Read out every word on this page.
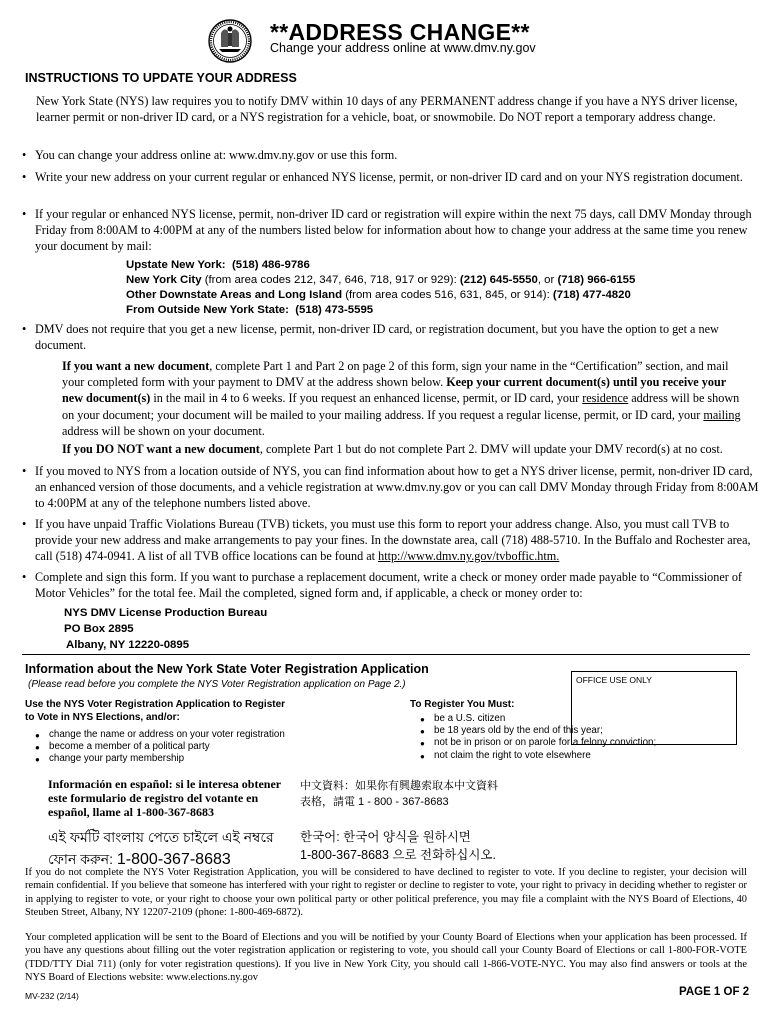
**ADDRESS CHANGE**
Change your address online at www.dmv.ny.gov
INSTRUCTIONS TO UPDATE YOUR ADDRESS
New York State (NYS) law requires you to notify DMV within 10 days of any PERMANENT address change if you have a NYS driver license, learner permit or non-driver ID card, or a NYS registration for a vehicle, boat, or snowmobile. Do NOT report a temporary address change.
• You can change your address online at: www.dmv.ny.gov or use this form.
• Write your new address on your current regular or enhanced NYS license, permit, or non-driver ID card and on your NYS registration document.
• If your regular or enhanced NYS license, permit, non-driver ID card or registration will expire within the next 75 days, call DMV Monday through Friday from 8:00AM to 4:00PM at any of the numbers listed below for information about how to change your address at the same time you renew your document by mail:
Upstate New York: (518) 486-9786
New York City (from area codes 212, 347, 646, 718, 917 or 929): (212) 645-5550, or (718) 966-6155
Other Downstate Areas and Long Island (from area codes 516, 631, 845, or 914): (718) 477-4820
From Outside New York State: (518) 473-5595
• DMV does not require that you get a new license, permit, non-driver ID card, or registration document, but you have the option to get a new document.
If you want a new document, complete Part 1 and Part 2 on page 2 of this form, sign your name in the “Certification” section, and mail your completed form with your payment to DMV at the address shown below. Keep your current document(s) until you receive your new document(s) in the mail in 4 to 6 weeks. If you request an enhanced license, permit, or ID card, your residence address will be shown on your document; your document will be mailed to your mailing address. If you request a regular license, permit, or ID card, your mailing address will be shown on your document.
If you DO NOT want a new document, complete Part 1 but do not complete Part 2. DMV will update your DMV record(s) at no cost.
• If you moved to NYS from a location outside of NYS, you can find information about how to get a NYS driver license, permit, non-driver ID card, an enhanced version of those documents, and a vehicle registration at www.dmv.ny.gov or you can call DMV Monday through Friday from 8:00AM to 4:00PM at any of the telephone numbers listed above.
• If you have unpaid Traffic Violations Bureau (TVB) tickets, you must use this form to report your address change. Also, you must call TVB to provide your new address and make arrangements to pay your fines. In the downstate area, call (718) 488-5710. In the Buffalo and Rochester area, call (518) 474-0941. A list of all TVB office locations can be found at http://www.dmv.ny.gov/tvboffic.htm.
• Complete and sign this form. If you want to purchase a replacement document, write a check or money order made payable to “Commissioner of Motor Vehicles” for the total fee. Mail the completed, signed form and, if applicable, a check or money order to:
NYS DMV License Production Bureau
PO Box 2895
Albany, NY 12220-0895
Information about the New York State Voter Registration Application
(Please read before you complete the NYS Voter Registration application on Page 2.)	OFFICE USE ONLY
Use the NYS Voter Registration Application to Register
to Vote in NYS Elections, and/or:
● change the name or address on your voter registration
● become a member of a political party
● change your party membership
To Register You Must:
● be a U.S. citizen
● be 18 years old by the end of this year;
● not be in prison or on parole for a felony conviction;
● not claim the right to vote elsewhere
Información en español: si le interesa obtener
este formulario de registro del votante en
español, llame al 1-800-367-8683
এই ফর্মটি বাংলায় পেতে চাইলে এই নম্বরে
ফোন করুন: 1-800-367-8683
中文資料：如果你有興趣索取本中文資料
表格，請電 1 - 800 - 367-8683
한국어: 한국어 양식을 원하시면
1-800-367-8683 으로 전화하십시오.
If you do not complete the NYS Voter Registration Application, you will be considered to have declined to register to vote. If you decline to register, your decision will remain confidential. If you believe that someone has interfered with your right to register or decline to register to vote, your right to privacy in deciding whether to register or in applying to register to vote, or your right to choose your own political party or other political preference, you may file a complaint with the NYS Board of Elections, 40 Steuben Street, Albany, NY 12207-2109 (phone: 1-800-469-6872).
Your completed application will be sent to the Board of Elections and you will be notified by your County Board of Elections when your application has been processed. If you have any questions about filling out the voter registration application or registering to vote, you should call your County Board of Elections or call 1-800-FOR-VOTE (TDD/TTY Dial 711) (only for voter registration questions). If you live in New York City, you should call 1-866-VOTE-NYC. You may also find answers or tools at the NYS Board of Elections website: www.elections.ny.gov
MV-232 (2/14)	PAGE 1 OF 2
